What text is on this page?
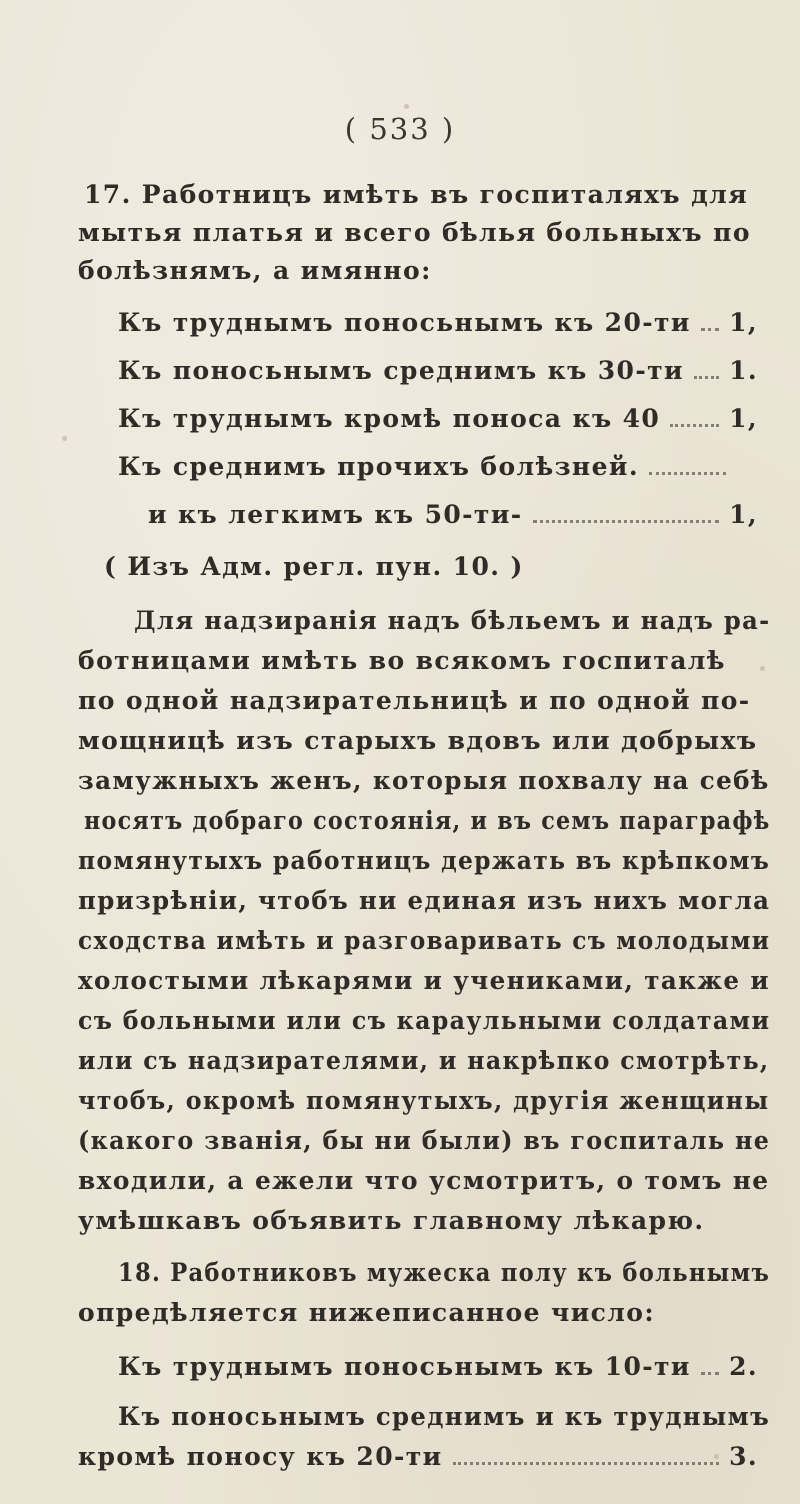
( 533 )
17. Работницъ имѣть въ госпиталяхъ для
мытья платья и всего бѣлья больныхъ по
болѣзнямъ, а имянно:
Къ труднымъ поносьнымъ къ 20-ти 1,
Къ поносьнымъ среднимъ къ 30-ти 1.
Къ труднымъ кромѣ поноса къ 40	1,
Къ среднимъ прочихъ болѣзней.
и къ легкимъ къ 50-ти-	1,
( Изъ Адм. регл. пун. 10. )
Для надзиранія надъ бѣльемъ и надъ ра-
ботницами имѣть во всякомъ госпиталѣ
по одной надзирательницѣ и по одной по-
мощницѣ изъ старыхъ вдовъ или добрыхъ
замужныхъ женъ, которыя похвалу на себѣ
носятъ добраго состоянія, и въ семъ параграфѣ
помянутыхъ работницъ держать въ крѣпкомъ
призрѣніи, чтобъ ни единая изъ нихъ могла
сходства имѣть и разговаривать съ молодыми
холостыми лѣкарями и учениками, также и
съ больными или съ караульными солдатами
или съ надзирателями, и накрѣпко смотрѣть,
чтобъ, окромѣ помянутыхъ, другія женщины
(какого званія, бы ни были) въ госпиталь не
входили, а ежели что усмотритъ, о томъ не
умѣшкавъ объявить главному лѣкарю.
18. Работниковъ мужеска полу къ больнымъ
опредѣляется нижеписанное число:
Къ труднымъ поносьнымъ къ 10-ти 2.
Къ поносьнымъ среднимъ и къ труднымъ
кромѣ поносу къ 20-ти	3.
